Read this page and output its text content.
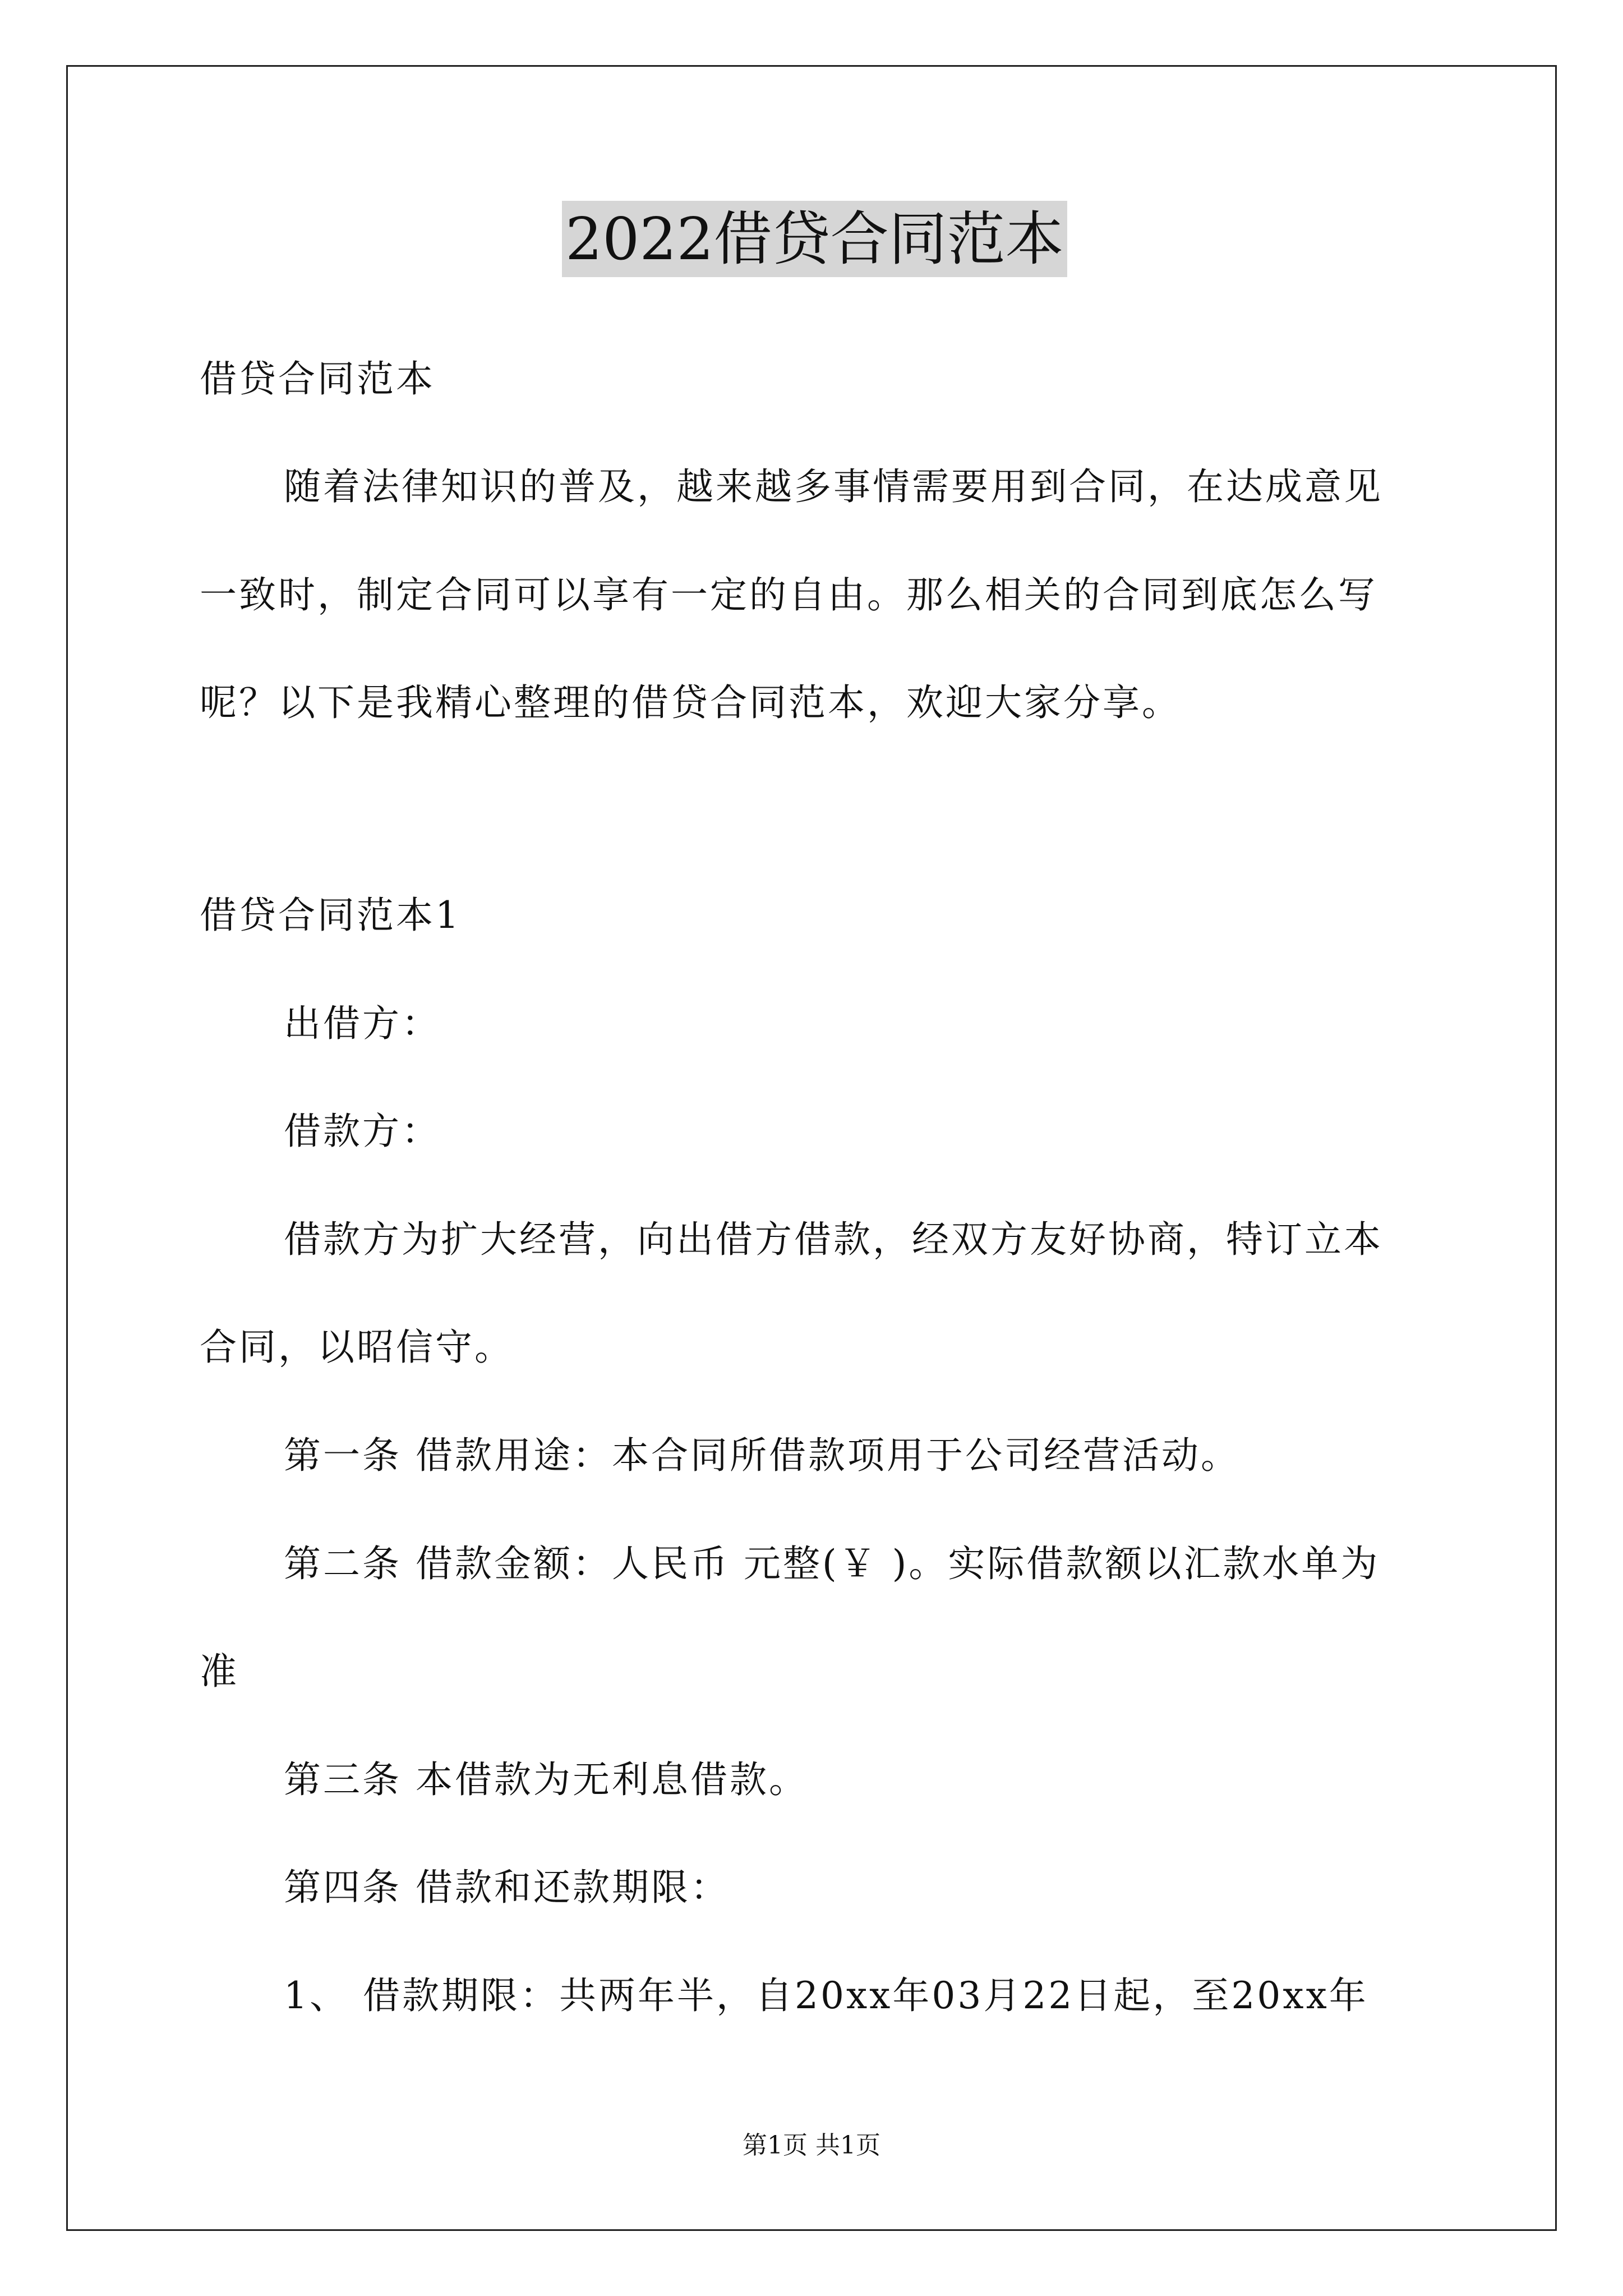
2022借贷合同范本
借贷合同范本
随着法律知识的普及，越来越多事情需要用到合同，在达成意见
一致时，制定合同可以享有一定的自由。那么相关的合同到底怎么写
呢？以下是我精心整理的借贷合同范本，欢迎大家分享。
借贷合同范本1
出借方：
借款方：
借款方为扩大经营，向出借方借款，经双方友好协商，特订立本
合同，以昭信守。
第一条 借款用途：本合同所借款项用于公司经营活动。
第二条 借款金额：人民币 元整(￥ )。实际借款额以汇款水单为
准
第三条 本借款为无利息借款。
第四条 借款和还款期限：
1、 借款期限：共两年半，自20xx年03月22日起，至20xx年
第1页 共1页
